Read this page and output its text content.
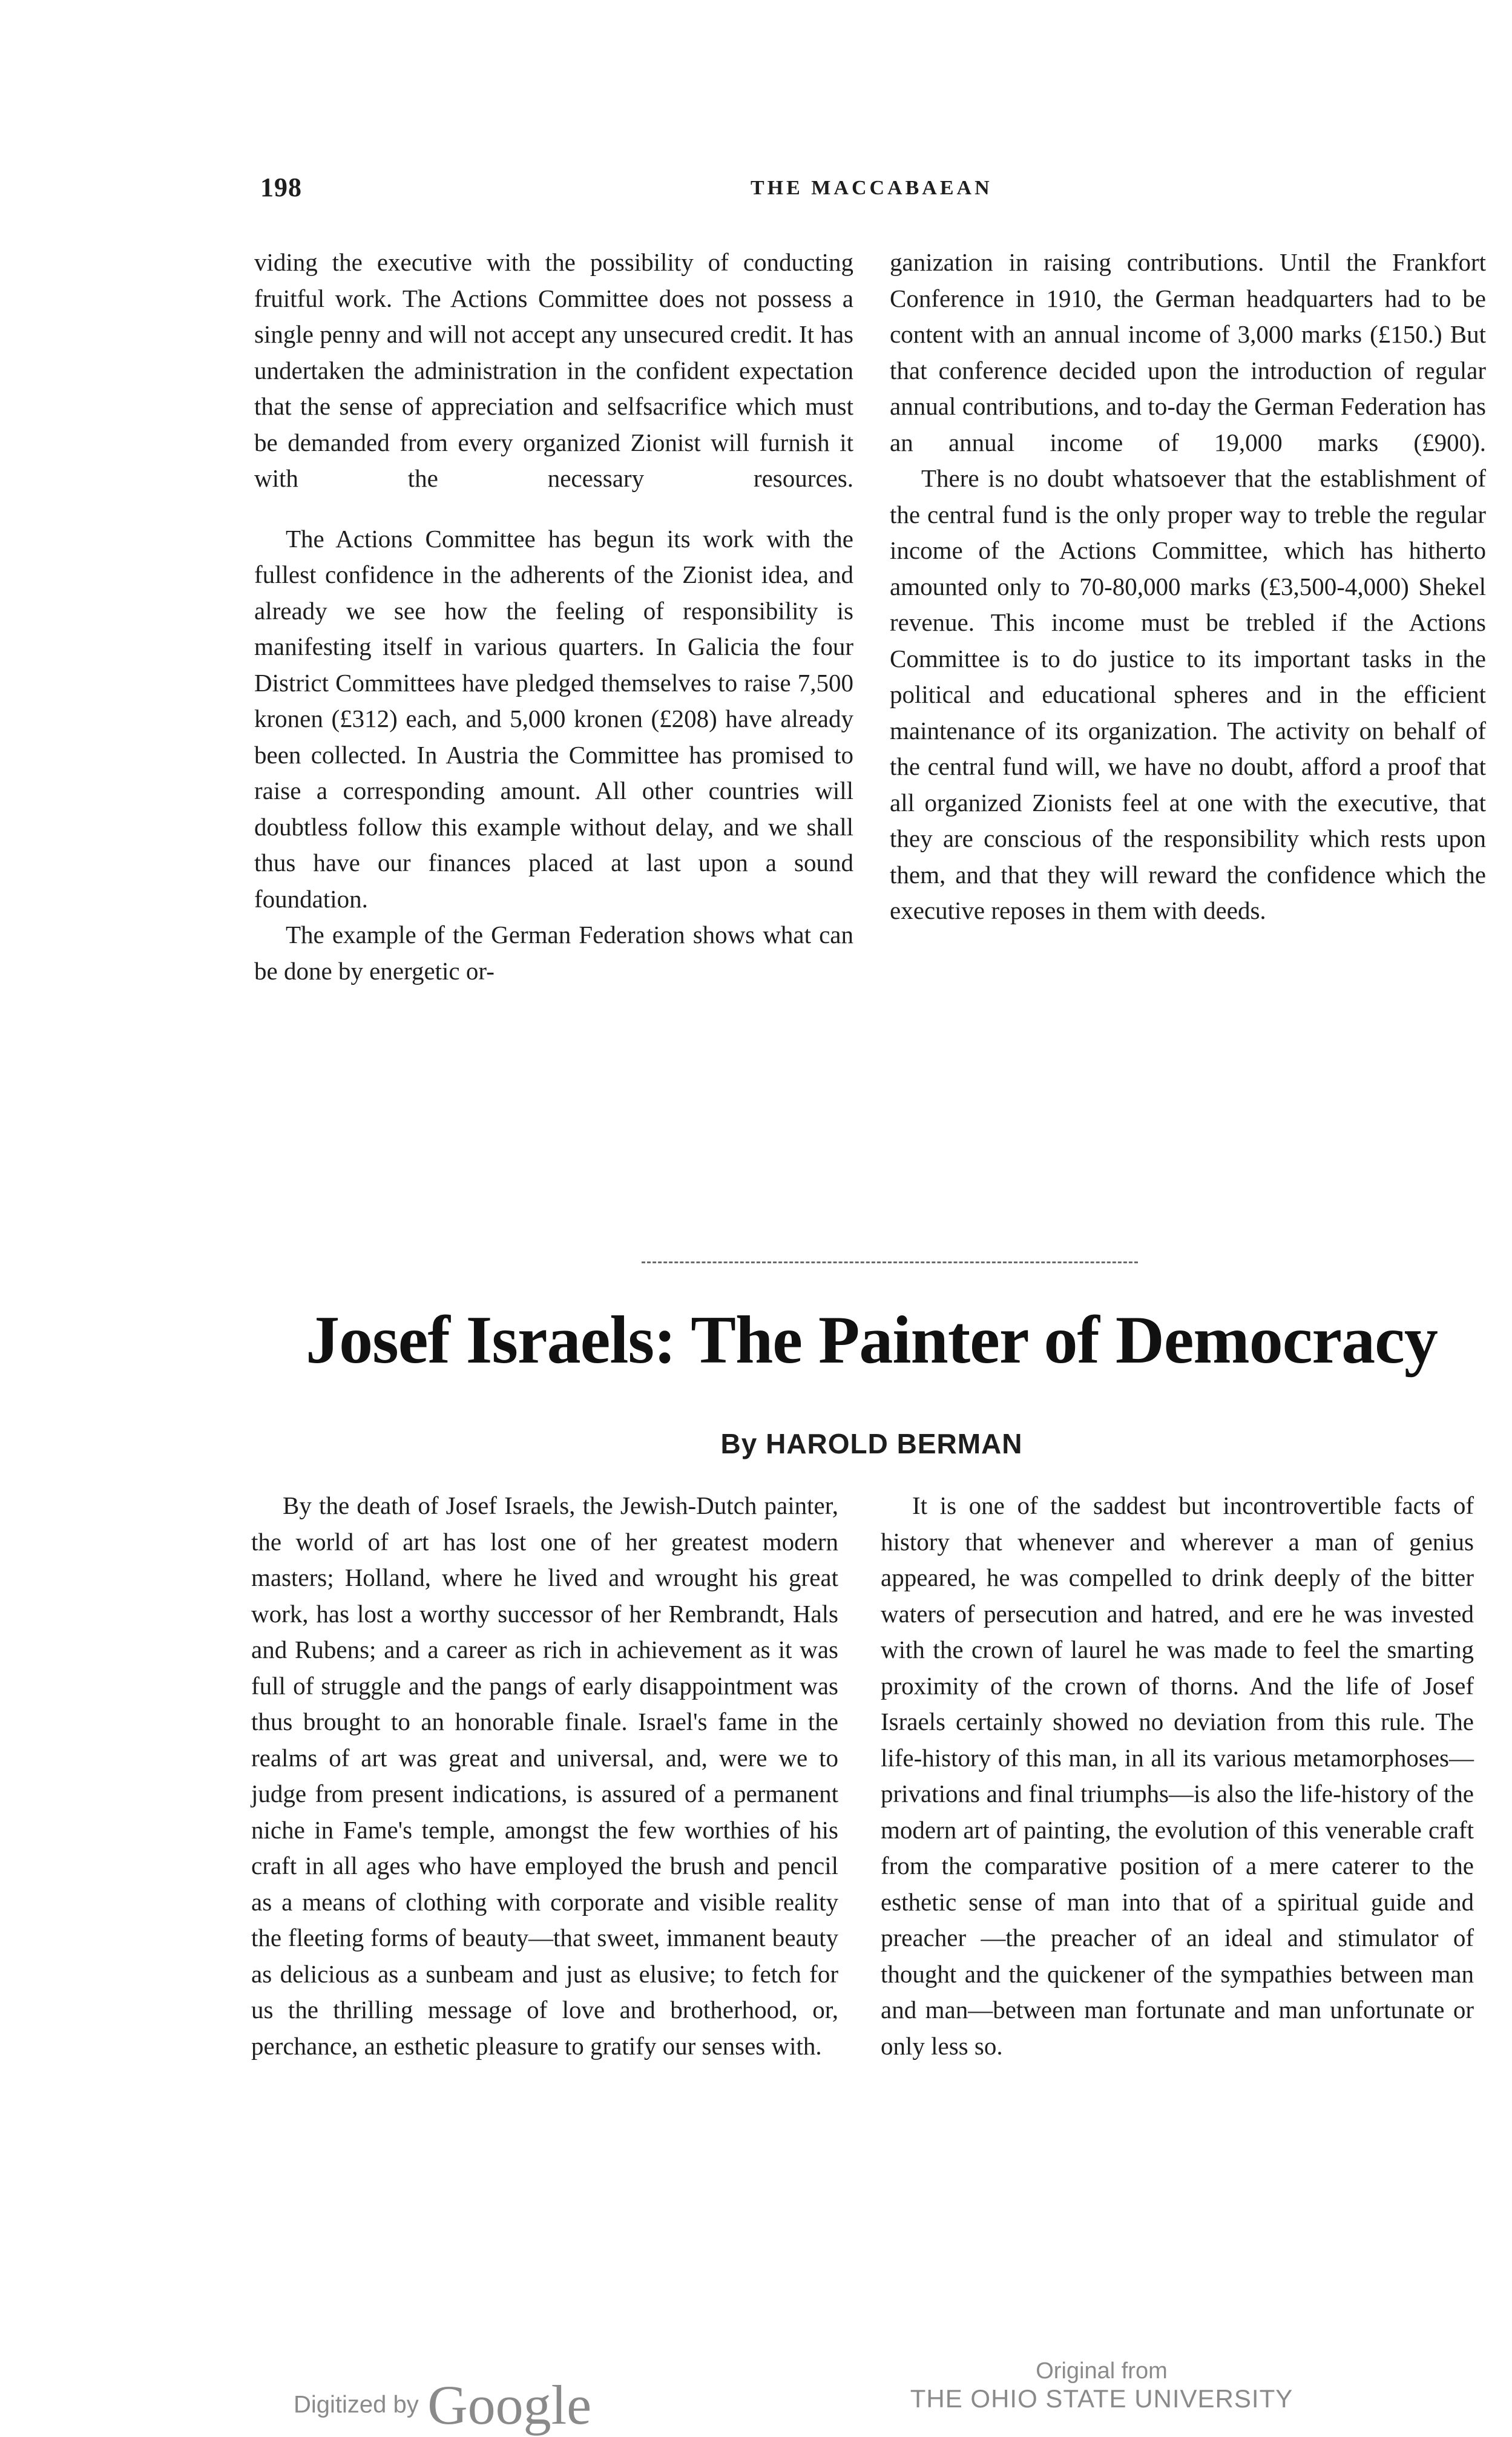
198	THE MACCABAEAN

viding the executive with the possibility of conducting fruitful work. The Actions Committee does not possess a single penny and will not accept any unsecured credit. It has undertaken the administration in the confident expectation that the sense of appreciation and selfsacrifice which must be demanded from every organized Zionist will furnish it with the necessary resources.

The Actions Committee has begun its work with the fullest confidence in the adherents of the Zionist idea, and already we see how the feeling of responsibility is manifesting itself in various quarters. In Galicia the four District Committees have pledged themselves to raise 7,500 kronen (£312) each, and 5,000 kronen (£208) have already been collected. In Austria the Committee has promised to raise a corresponding amount. All other countries will doubtless follow this example without delay, and we shall thus have our finances placed at last upon a sound foundation.

The example of the German Federation shows what can be done by energetic or-

ganization in raising contributions. Until the Frankfort Conference in 1910, the German headquarters had to be content with an annual income of 3,000 marks (£150.) But that conference decided upon the introduction of regular annual contributions, and to-day the German Federation has an annual income of 19,000 marks (£900).

There is no doubt whatsoever that the establishment of the central fund is the only proper way to treble the regular income of the Actions Committee, which has hitherto amounted only to 70-80,000 marks (£3,500-4,000) Shekel revenue. This income must be trebled if the Actions Committee is to do justice to its important tasks in the political and educational spheres and in the efficient maintenance of its organization. The activity on behalf of the central fund will, we have no doubt, afford a proof that all organized Zionists feel at one with the executive, that they are conscious of the responsibility which rests upon them, and that they will reward the confidence which the executive reposes in them with deeds.

Josef Israels: The Painter of Democracy
By HAROLD BERMAN

By the death of Josef Israels, the Jewish-Dutch painter, the world of art has lost one of her greatest modern masters; Holland, where he lived and wrought his great work, has lost a worthy successor of her Rembrandt, Hals and Rubens; and a career as rich in achievement as it was full of struggle and the pangs of early disappointment was thus brought to an honorable finale. Israel's fame in the realms of art was great and universal, and, were we to judge from present indications, is assured of a permanent niche in Fame's temple, amongst the few worthies of his craft in all ages who have employed the brush and pencil as a means of clothing with corporate and visible reality the fleeting forms of beauty—that sweet, immanent beauty as delicious as a sunbeam and just as elusive; to fetch for us the thrilling message of love and brotherhood, or, perchance, an esthetic pleasure to gratify our senses with.

It is one of the saddest but incontrovertible facts of history that whenever and wherever a man of genius appeared, he was compelled to drink deeply of the bitter waters of persecution and hatred, and ere he was invested with the crown of laurel he was made to feel the smarting proximity of the crown of thorns. And the life of Josef Israels certainly showed no deviation from this rule. The life-history of this man, in all its various metamorphoses—privations and final triumphs—is also the life-history of the modern art of painting, the evolution of this venerable craft from the comparative position of a mere caterer to the esthetic sense of man into that of a spiritual guide and preacher —the preacher of an ideal and stimulator of thought and the quickener of the sympathies between man and man—between man fortunate and man unfortunate or only less so.

Digitized by Google
Original from
THE OHIO STATE UNIVERSITY
